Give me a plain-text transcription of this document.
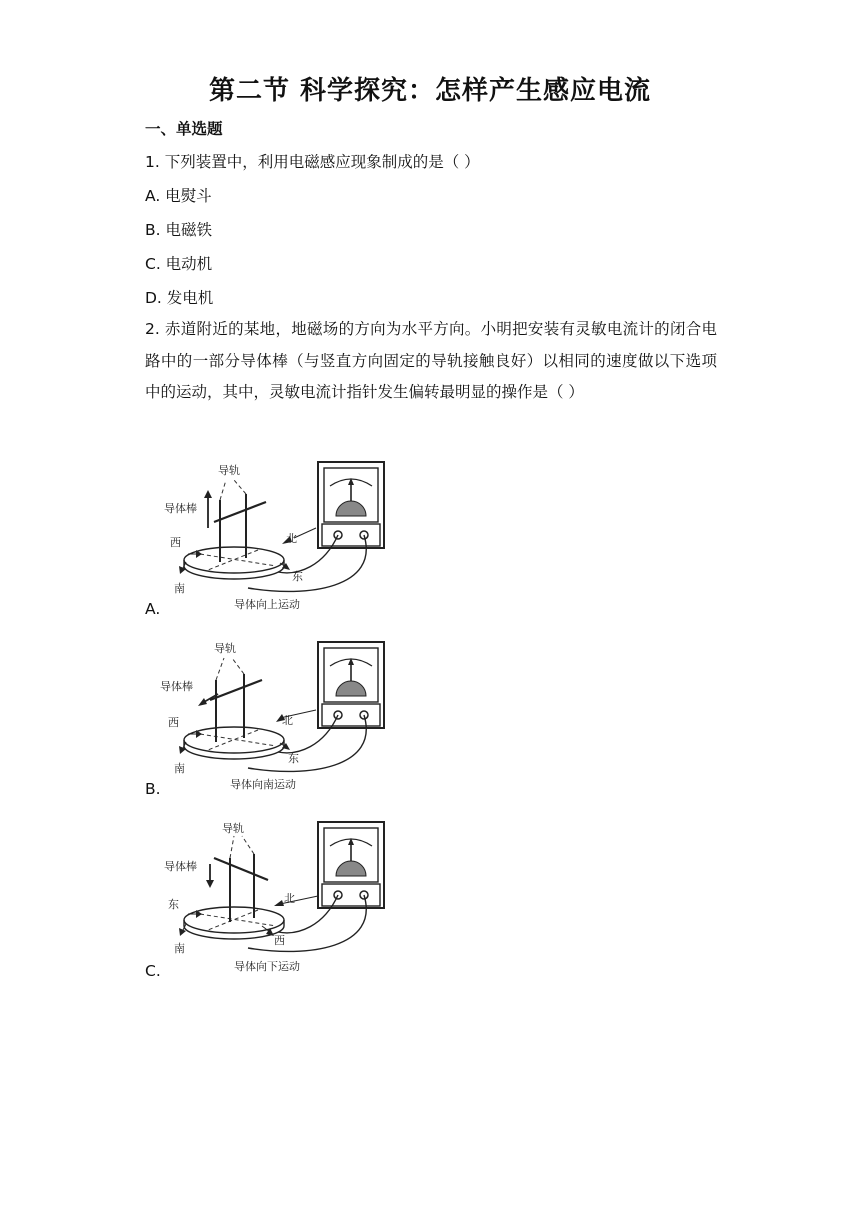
第二节 科学探究：怎样产生感应电流
一、单选题
1. 下列装置中，利用电磁感应现象制成的是（ ）
A. 电熨斗
B. 电磁铁
C. 电动机
D. 发电机
2. 赤道附近的某地，地磁场的方向为水平方向。小明把安装有灵敏电流计的闭合电路中的一部分导体棒（与竖直方向固定的导轨接触良好）以相同的速度做以下选项中的运动，其中，灵敏电流计指针发生偏转最明显的操作是（ ）
导轨
导体棒
西	北
东
南
导体向上运动
A.
导轨
导体棒
西	北
东
南
导体向南运动
B.
导轨
导体棒
东	北
西
南
导体向下运动
C.
